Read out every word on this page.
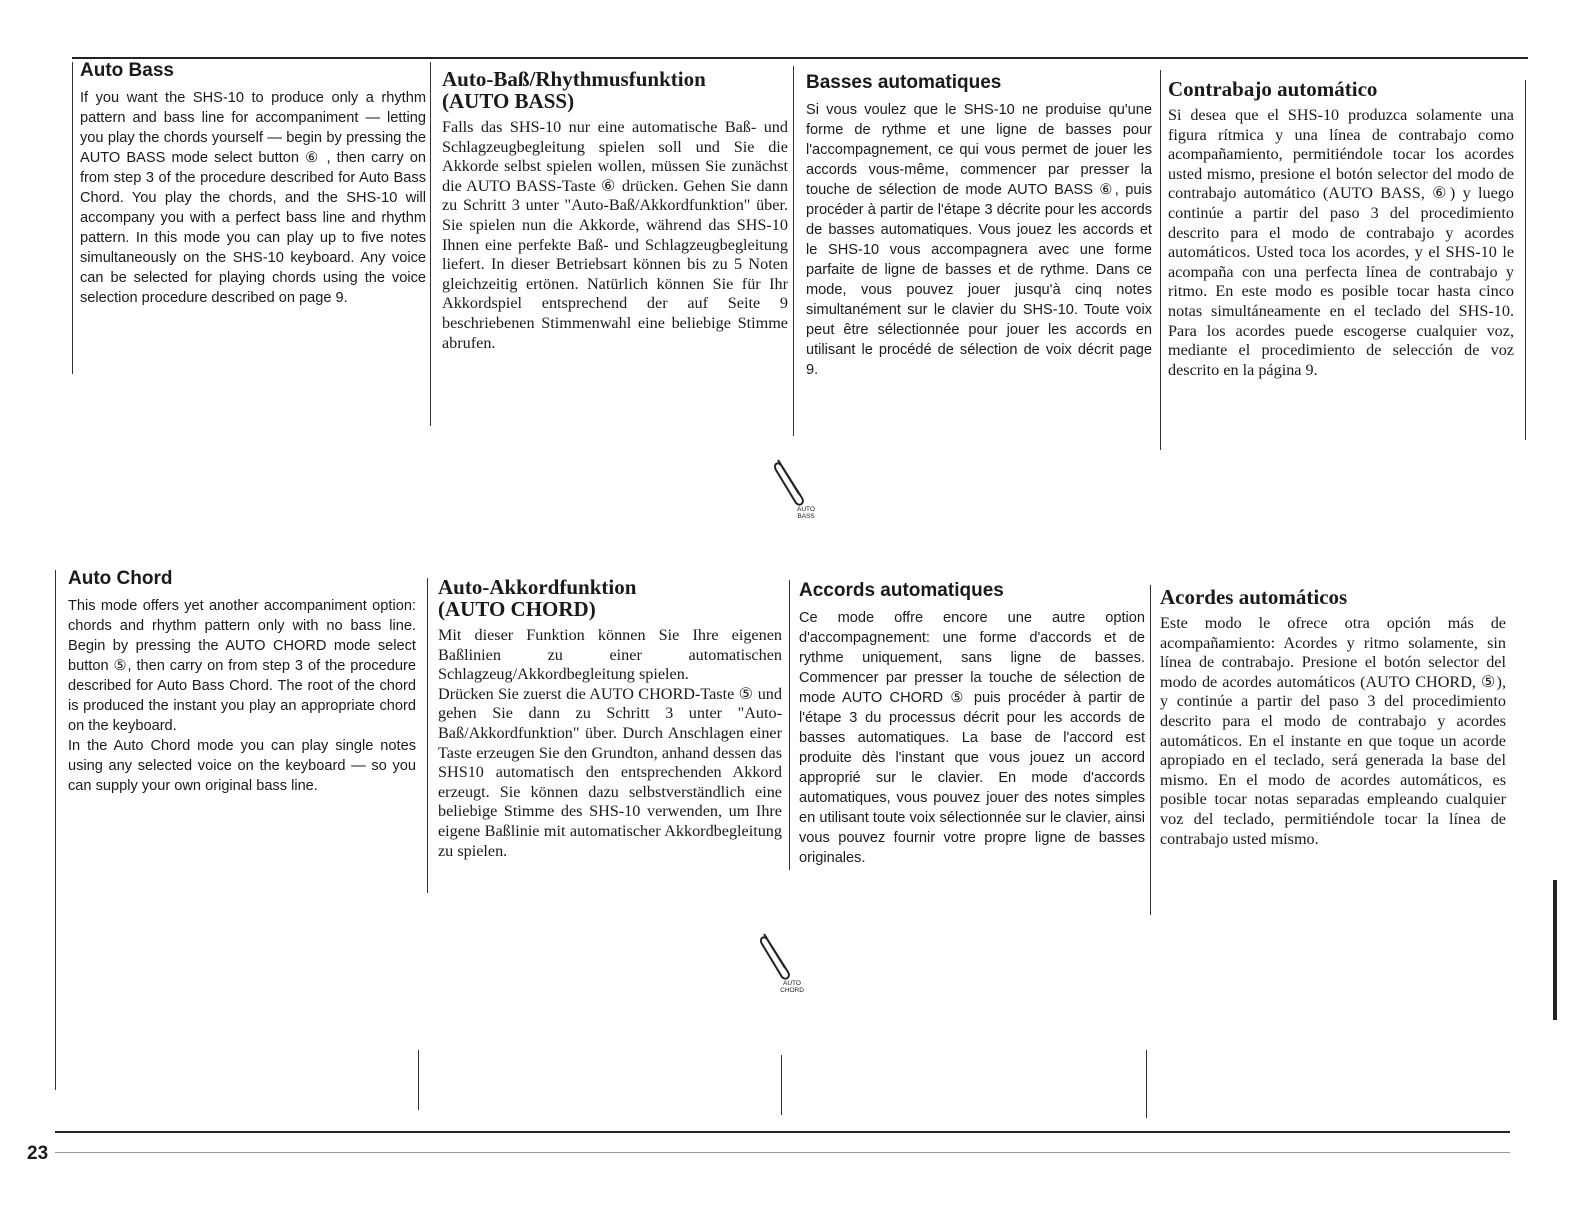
Auto Bass

If you want the SHS-10 to produce only a rhythm pattern and bass line for accompaniment — letting you play the chords yourself — begin by pressing the AUTO BASS mode select button ⑥ , then carry on from step 3 of the procedure described for Auto Bass Chord. You play the chords, and the SHS-10 will accompany you with a perfect bass line and rhythm pattern. In this mode you can play up to five notes simultaneously on the SHS-10 keyboard. Any voice can be selected for playing chords using the voice selection procedure described on page 9.

Auto-Baß/Rhythmusfunktion
(AUTO BASS)

Falls das SHS-10 nur eine automatische Baß- und Schlagzeugbegleitung spielen soll und Sie die Akkorde selbst spielen wollen, müssen Sie zunächst die AUTO BASS-Taste ⑥ drücken. Gehen Sie dann zu Schritt 3 unter "Auto-Baß/Akkordfunktion" über. Sie spielen nun die Akkorde, während das SHS-10 Ihnen eine perfekte Baß- und Schlagzeugbegleitung liefert. In dieser Betriebsart können bis zu 5 Noten gleichzeitig ertönen. Natürlich können Sie für Ihr Akkordspiel entsprechend der auf Seite 9 beschriebenen Stimmenwahl eine beliebige Stimme abrufen.

Basses automatiques

Si vous voulez que le SHS-10 ne produise qu'une forme de rythme et une ligne de basses pour l'accompagnement, ce qui vous permet de jouer les accords vous-même, commencer par presser la touche de sélection de mode AUTO BASS ⑥, puis procéder à partir de l'étape 3 décrite pour les accords de basses automatiques. Vous jouez les accords et le SHS-10 vous accompagnera avec une forme parfaite de ligne de basses et de rythme. Dans ce mode, vous pouvez jouer jusqu'à cinq notes simultanément sur le clavier du SHS-10. Toute voix peut être sélectionnée pour jouer les accords en utilisant le procédé de sélection de voix décrit page 9.

Contrabajo automático

Si desea que el SHS-10 produzca solamente una figura rítmica y una línea de contrabajo como acompañamiento, permitiéndole tocar los acordes usted mismo, presione el botón selector del modo de contrabajo automático (AUTO BASS, ⑥) y luego continúe a partir del paso 3 del procedimiento descrito para el modo de contrabajo y acordes automáticos. Usted toca los acordes, y el SHS-10 le acompaña con una perfecta línea de contrabajo y ritmo. En este modo es posible tocar hasta cinco notas simultáneamente en el teclado del SHS-10. Para los acordes puede escogerse cualquier voz, mediante el procedimiento de selección de voz descrito en la página 9.

AUTO
BASS
Auto Chord

This mode offers yet another accompaniment option: chords and rhythm pattern only with no bass line. Begin by pressing the AUTO CHORD mode select button ⑤, then carry on from step 3 of the procedure described for Auto Bass Chord. The root of the chord is produced the instant you play an appropriate chord on the keyboard.

In the Auto Chord mode you can play single notes using any selected voice on the keyboard — so you can supply your own original bass line.

Auto-Akkordfunktion
(AUTO CHORD)

Mit dieser Funktion können Sie Ihre eigenen Baßlinien zu einer automatischen Schlagzeug/Akkordbegleitung spielen.

Drücken Sie zuerst die AUTO CHORD-Taste ⑤ und gehen Sie dann zu Schritt 3 unter "Auto-Baß/Akkordfunktion" über. Durch Anschlagen einer Taste erzeugen Sie den Grundton, anhand dessen das SHS10 automatisch den entsprechenden Akkord erzeugt. Sie können dazu selbstverständlich eine beliebige Stimme des SHS-10 verwenden, um Ihre eigene Baßlinie mit automatischer Akkordbegleitung zu spielen.

Accords automatiques

Ce mode offre encore une autre option d'accompagnement: une forme d'accords et de rythme uniquement, sans ligne de basses. Commencer par presser la touche de sélection de mode AUTO CHORD ⑤ puis procéder à partir de l'étape 3 du processus décrit pour les accords de basses automatiques. La base de l'accord est produite dès l'instant que vous jouez un accord approprié sur le clavier. En mode d'accords automatiques, vous pouvez jouer des notes simples en utilisant toute voix sélectionnée sur le clavier, ainsi vous pouvez fournir votre propre ligne de basses originales.

Acordes automáticos

Este modo le ofrece otra opción más de acompañamiento: Acordes y ritmo solamente, sin línea de contrabajo. Presione el botón selector del modo de acordes automáticos (AUTO CHORD, ⑤), y continúe a partir del paso 3 del procedimiento descrito para el modo de contrabajo y acordes automáticos. En el instante en que toque un acorde apropiado en el teclado, será generada la base del mismo. En el modo de acordes automáticos, es posible tocar notas separadas empleando cualquier voz del teclado, permitiéndole tocar la línea de contrabajo usted mismo.

AUTO
CHORD
23
